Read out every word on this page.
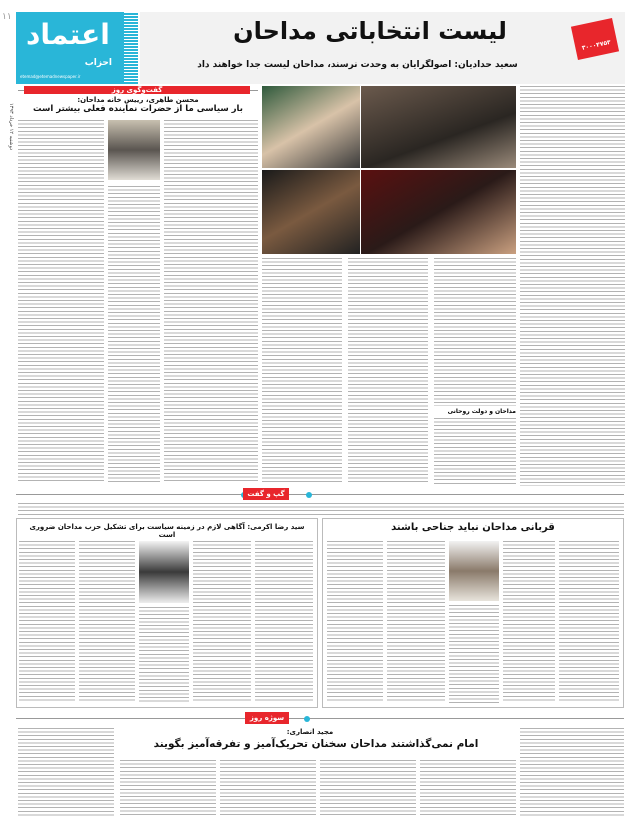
اعتماد
احزاب
etemad@etemadnewspaper.ir
۱۱
دوشنبه ۱۲ خرداد ۱۳۹۳
لیست انتخاباتی مداحان
سعید حدادیان: اصولگرایان به وحدت نرسند، مداحان لیست جدا خواهند داد
۳۰۰۰۴۷۵۳
گفت‌وگوی روز
محسن طاهری، رییس خانه مداحان:
بار سیاسی ما از حضرات نماینده فعلی بیشتر است
مداحان و دولت روحانی
گپ و گفت
قربانی مداحان نباید جناحی باشند
سید رضا اکرمی: آگاهی لازم در زمینه سیاست برای تشکیل حزب مداحان ضروری است
سوژه روز
مجید انصاری:
امام نمی‌گذاشتند مداحان سخنان تحریک‌آمیز و تفرقه‌آمیز بگویند
